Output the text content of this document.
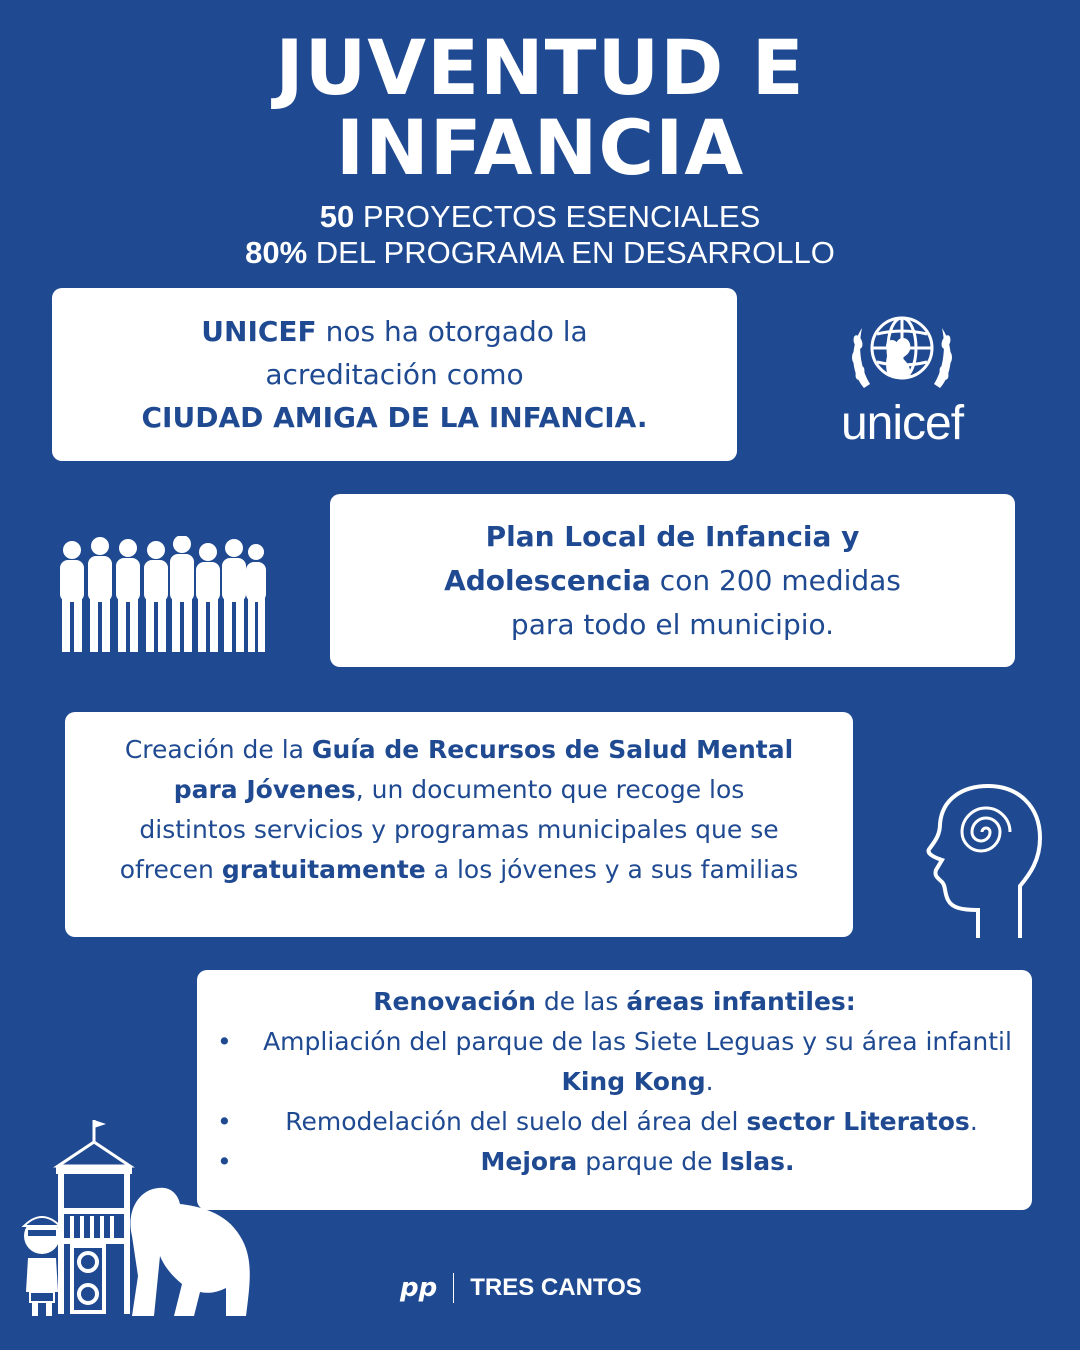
JUVENTUD E
INFANCIA
50 PROYECTOS ESENCIALES
80% DEL PROGRAMA EN DESARROLLO
UNICEF nos ha otorgado la
acreditación como
CIUDAD AMIGA DE LA INFANCIA.	unicef
Plan Local de Infancia y
Adolescencia con 200 medidas
para todo el municipio.
Creación de la Guía de Recursos de Salud Mental
para Jóvenes, un documento que recoge los
distintos servicios y programas municipales que se
ofrecen gratuitamente a los jóvenes y a sus familias
Renovación de las áreas infantiles:
•	Ampliación del parque de las Siete Leguas y su área infantil King Kong.
•	Remodelación del suelo del área del sector Literatos.
•	Mejora parque de Islas.
pp TRES CANTOS
